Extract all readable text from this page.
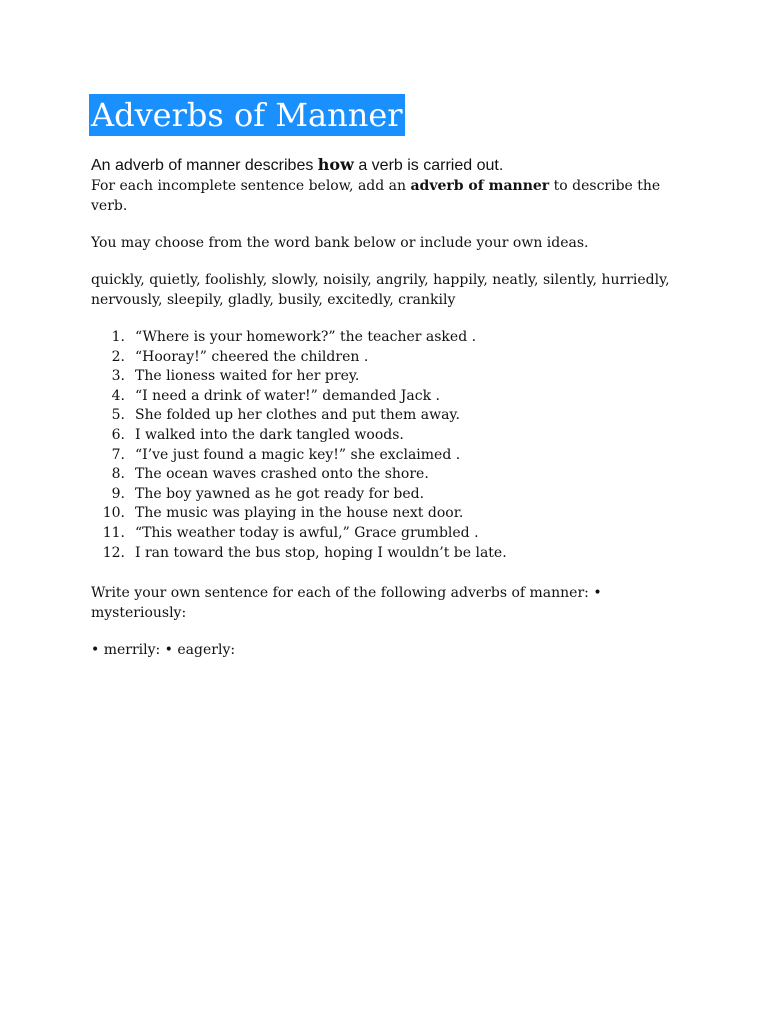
Adverbs of Manner
An adverb of manner describes how a verb is carried out.
For each incomplete sentence below, add an adverb of manner to describe the verb.
You may choose from the word bank below or include your own ideas.
quickly, quietly, foolishly, slowly, noisily, angrily, happily, neatly, silently, hurriedly, nervously, sleepily, gladly, busily, excitedly, crankily
1. “Where is your homework?” the teacher asked .
2. “Hooray!” cheered the children .
3. The lioness waited for her prey.
4. “I need a drink of water!” demanded Jack .
5. She folded up her clothes and put them away.
6. I walked into the dark tangled woods.
7. “I’ve just found a magic key!” she exclaimed .
8. The ocean waves crashed onto the shore.
9. The boy yawned as he got ready for bed.
10. The music was playing in the house next door.
11. “This weather today is awful,” Grace grumbled .
12. I ran toward the bus stop, hoping I wouldn’t be late.
Write your own sentence for each of the following adverbs of manner: • mysteriously:
• merrily: • eagerly:
